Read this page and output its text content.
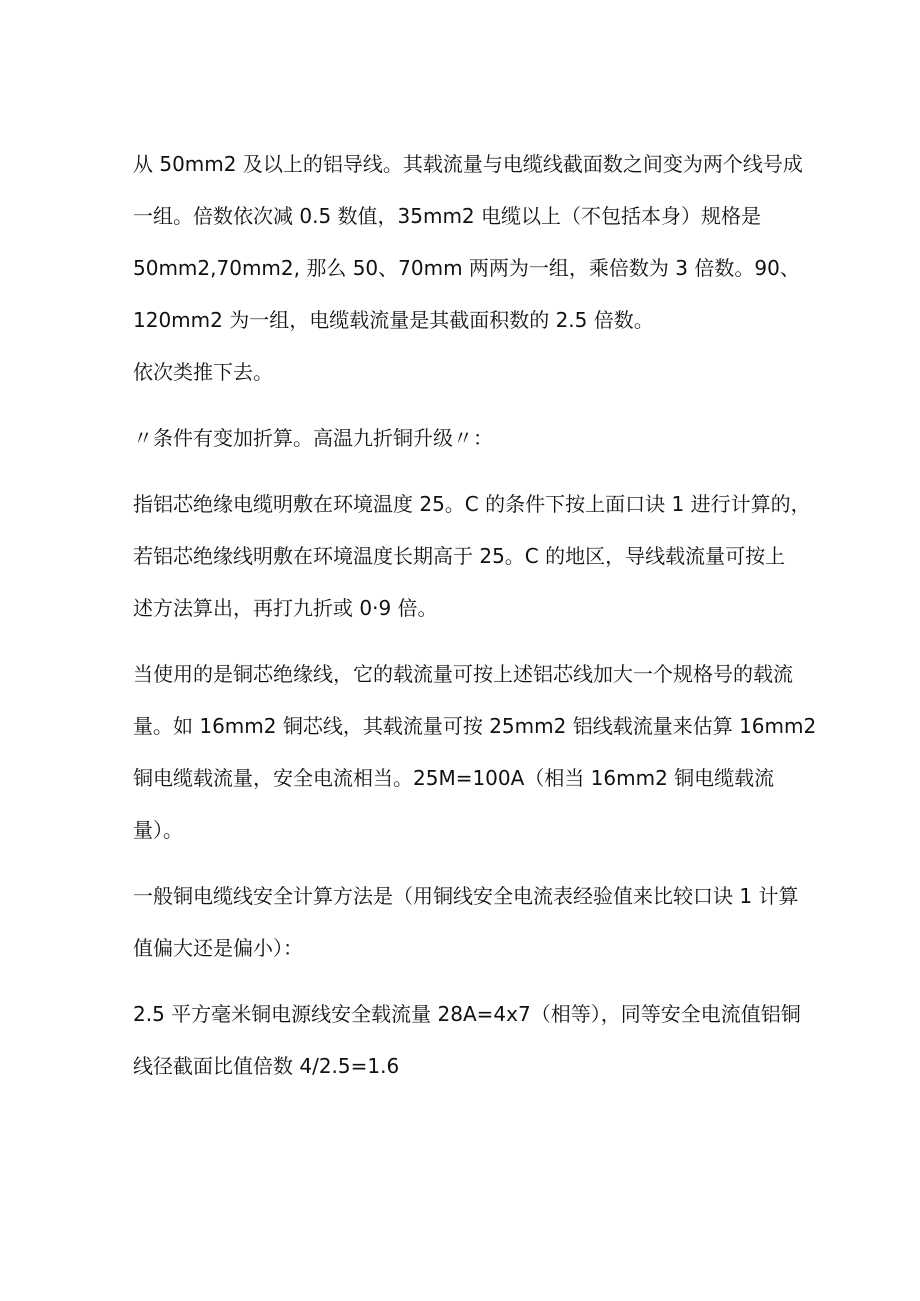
从 50mm2 及以上的铝导线。其载流量与电缆线截面数之间变为两个线号成
一组。倍数依次减 0.5 数值，35mm2 电缆以上（不包括本身）规格是
50mm2,70mm2, 那么 50、70mm 两两为一组，乘倍数为 3 倍数。90、
120mm2 为一组，电缆载流量是其截面积数的 2.5 倍数。
依次类推下去。
〃条件有变加折算。高温九折铜升级〃：
指铝芯绝缘电缆明敷在环境温度 25。C 的条件下按上面口诀 1 进行计算的，
若铝芯绝缘线明敷在环境温度长期高于 25。C 的地区，导线载流量可按上
述方法算出，再打九折或 0·9 倍。
当使用的是铜芯绝缘线，它的载流量可按上述铝芯线加大一个规格号的载流
量。如 16mm2 铜芯线，其载流量可按 25mm2 铝线载流量来估算 16mm2
铜电缆载流量，安全电流相当。25M=100A（相当 16mm2 铜电缆载流
量）。
一般铜电缆线安全计算方法是（用铜线安全电流表经验值来比较口诀 1 计算
值偏大还是偏小）：
2.5 平方毫米铜电源线安全载流量 28A=4x7（相等），同等安全电流值铝铜
线径截面比值倍数 4/2.5=1.6
